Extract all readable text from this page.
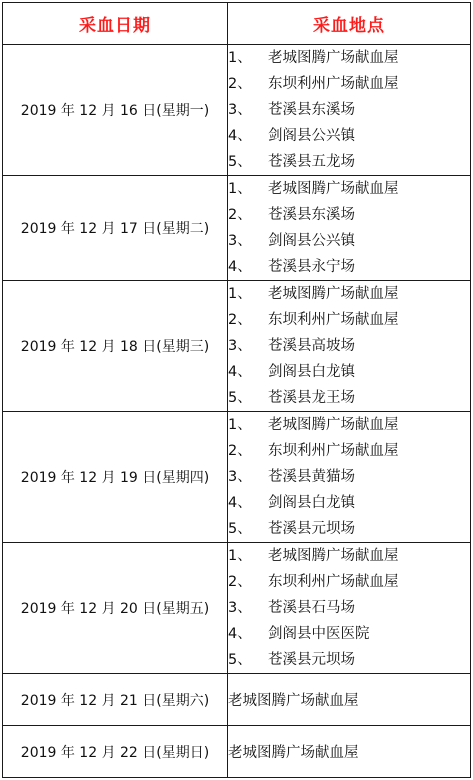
采血日期	采血地点
2019 年 12 月 16 日(星期一)	1、 老城图腾广场献血屋
2、 东坝利州广场献血屋
3、 苍溪县东溪场
4、 剑阁县公兴镇
5、 苍溪县五龙场

2019 年 12 月 17 日(星期二)	1、 老城图腾广场献血屋
2、 苍溪县东溪场
3、 剑阁县公兴镇
4、 苍溪县永宁场

2019 年 12 月 18 日(星期三)	1、 老城图腾广场献血屋
2、 东坝利州广场献血屋
3、 苍溪县高坡场
4、 剑阁县白龙镇
5、 苍溪县龙王场

2019 年 12 月 19 日(星期四)	1、 老城图腾广场献血屋
2、 东坝利州广场献血屋
3、 苍溪县黄猫场
4、 剑阁县白龙镇
5、 苍溪县元坝场

2019 年 12 月 20 日(星期五)	1、 老城图腾广场献血屋
2、 东坝利州广场献血屋
3、 苍溪县石马场
4、 剑阁县中医医院
5、 苍溪县元坝场

2019 年 12 月 21 日(星期六)	老城图腾广场献血屋
2019 年 12 月 22 日(星期日)	老城图腾广场献血屋
